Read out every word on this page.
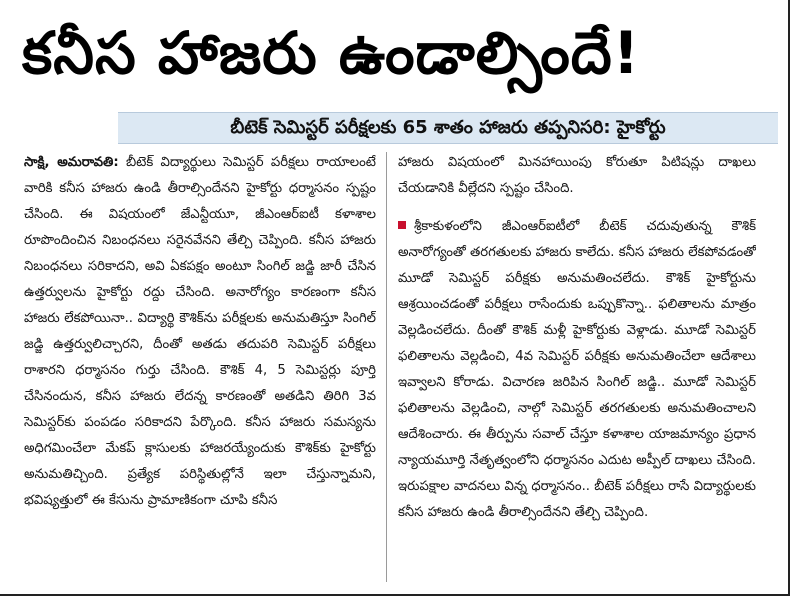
కనీస హాజరు ఉండాల్సిందే!
బీటెక్ సెమిస్టర్ పరీక్షలకు 65 శాతం హాజరు తప్పనిసరి: హైకోర్టు

సాక్షి, అమరావతి: బీటెక్ విద్యార్థులు సెమిస్టర్ పరీక్షలు రాయాలంటే వారికి కనీస హాజరు ఉండి తీరాల్సిందేనని హైకోర్టు ధర్మాసనం స్పష్టం చేసింది. ఈ విషయంలో జేఎన్టీయూ, జీఎంఆర్ఐటీ కళాశాల రూపొందించిన నిబంధనలు సరైనవేనని తేల్చి చెప్పింది. కనీస హాజరు నిబంధనలు సరికాదని, అవి ఏకపక్షం అంటూ సింగిల్ జడ్జి జారీ చేసిన ఉత్తర్వులను హైకోర్టు రద్దు చేసింది. అనారోగ్యం కారణంగా కనీస హాజరు లేకపోయినా.. విద్యార్థి కౌశిక్‌ను పరీక్షలకు అనుమతిస్తూ సింగిల్ జడ్జి ఉత్తర్వులిచ్చారని, దీంతో అతడు తదుపరి సెమిస్టర్ పరీక్షలు రాశారని ధర్మాసనం గుర్తు చేసింది. కౌశిక్ 4, 5 సెమిస్టర్లు పూర్తి చేసినందున, కనీస హాజరు లేదన్న కారణంతో అతడిని తిరిగి 3వ సెమిస్టర్‌కు పంపడం సరికాదని పేర్కొంది. కనీస హాజరు సమస్యను అధిగమించేలా మేకప్ క్లాసులకు హాజరయ్యేందుకు కౌశిక్‌కు హైకోర్టు అనుమతిచ్చింది. ప్రత్యేక పరిస్థితుల్లోనే ఇలా చేస్తున్నామని, భవిష్యత్తులో ఈ కేసును ప్రామాణికంగా చూపి కనీస

హాజరు విషయంలో మినహాయింపు కోరుతూ పిటిషన్లు దాఖలు చేయడానికి వీల్లేదని స్పష్టం చేసింది.

శ్రీకాకుళంలోని జీఎంఆర్ఐటీలో బీటెక్ చదువుతున్న కౌశిక్ అనారోగ్యంతో తరగతులకు హాజరు కాలేదు. కనీస హాజరు లేకపోవడంతో మూడో సెమిస్టర్ పరీక్షకు అనుమతించలేదు. కౌశిక్ హైకోర్టును ఆశ్రయించడంతో పరీక్షలు రాసేందుకు ఒప్పుకొన్నా.. ఫలితాలను మాత్రం వెల్లడించలేదు. దీంతో కౌశిక్ మళ్లీ హైకోర్టుకు వెళ్లాడు. మూడో సెమిస్టర్ ఫలితాలను వెల్లడించి, 4వ సెమిస్టర్ పరీక్షకు అనుమతించేలా ఆదేశాలు ఇవ్వాలని కోరాడు. విచారణ జరిపిన సింగిల్ జడ్జి.. మూడో సెమిస్టర్ ఫలితాలను వెల్లడించి, నాల్గో సెమిస్టర్ తరగతులకు అనుమతించాలని ఆదేశించారు. ఈ తీర్పును సవాల్ చేస్తూ కళాశాల యాజమాన్యం ప్రధాన న్యాయమూర్తి నేతృత్వంలోని ధర్మాసనం ఎదుట అప్పీల్ దాఖలు చేసింది. ఇరుపక్షాల వాదనలు విన్న ధర్మాసనం.. బీటెక్ పరీక్షలు రాసే విద్యార్థులకు కనీస హాజరు ఉండి తీరాల్సిందేనని తేల్చి చెప్పింది.
